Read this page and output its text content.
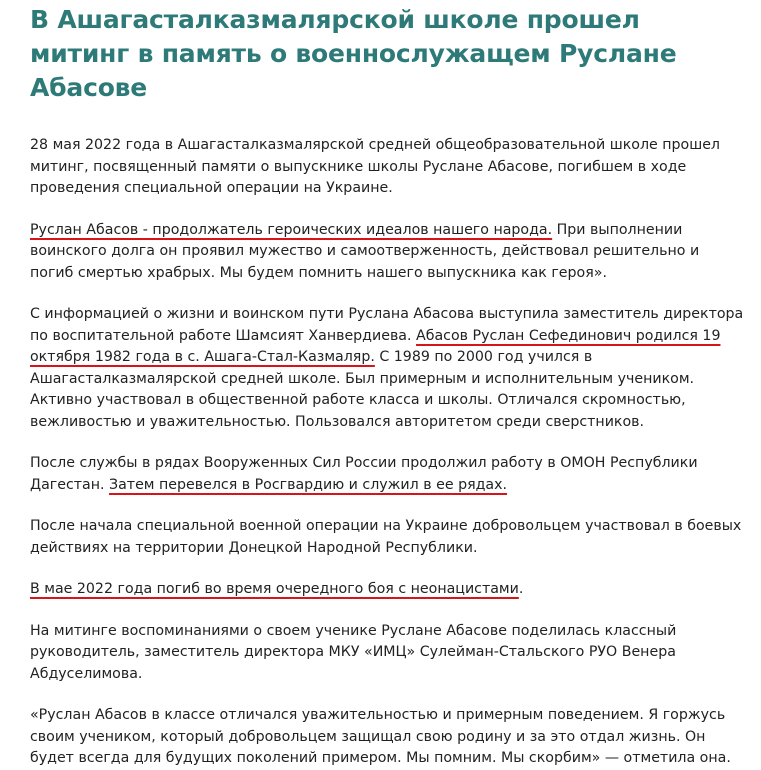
В Ашагасталказмалярской школе прошел митинг в память о военнослужащем Руслане Абасове

28 мая 2022 года в Ашагасталказмалярской средней общеобразовательной школе прошел митинг, посвященный памяти о выпускнике школы Руслане Абасове, погибшем в ходе проведения специальной операции на Украине.

Руслан Абасов - продолжатель героических идеалов нашего народа. При выполнении воинского долга он проявил мужество и самоотверженность, действовал решительно и погиб смертью храбрых. Мы будем помнить нашего выпускника как героя».

С информацией о жизни и воинском пути Руслана Абасова выступила заместитель директора по воспитательной работе Шамсият Ханвердиева. Абасов Руслан Сефединович родился 19 октября 1982 года в с. Ашага-Стал-Казмаляр. С 1989 по 2000 год учился в Ашагасталказмалярской средней школе. Был примерным и исполнительным учеником. Активно участвовал в общественной работе класса и школы. Отличался скромностью, вежливостью и уважительностью. Пользовался авторитетом среди сверстников.

После службы в рядах Вооруженных Сил России продолжил работу в ОМОН Республики Дагестан. Затем перевелся в Росгвардию и служил в ее рядах.

После начала специальной военной операции на Украине добровольцем участвовал в боевых действиях на территории Донецкой Народной Республики.

В мае 2022 года погиб во время очередного боя с неонацистами.

На митинге воспоминаниями о своем ученике Руслане Абасове поделилась классный руководитель, заместитель директора МКУ «ИМЦ» Сулейман-Стальского РУО Венера Абдуселимова.

«Руслан Абасов в классе отличался уважительностью и примерным поведением. Я горжусь своим учеником, который добровольцем защищал свою родину и за это отдал жизнь. Он будет всегда для будущих поколений примером. Мы помним. Мы скорбим» — отметила она.
